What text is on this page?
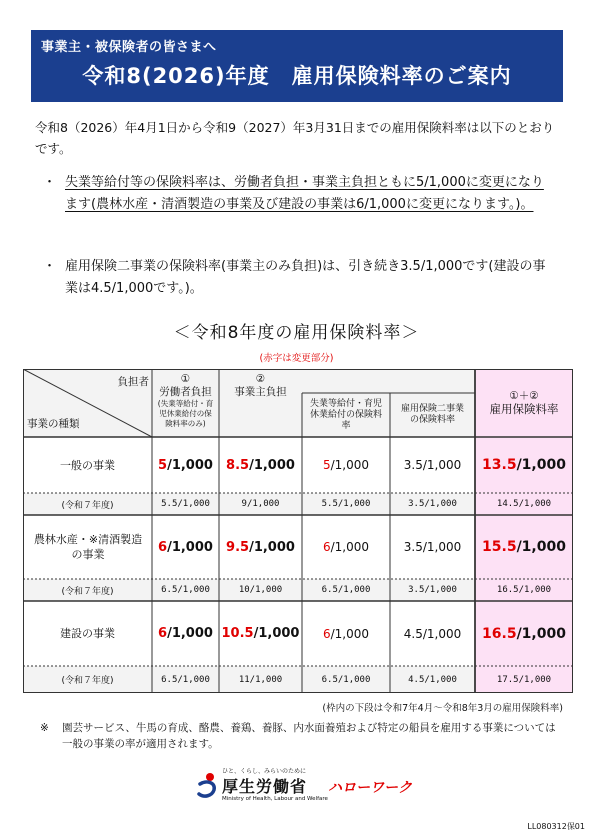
事業主・被保険者の皆さまへ
令和8(2026)年度　雇用保険料率のご案内
令和8（2026）年4月1日から令和9（2027）年3月31日までの雇用保険料率は以下のとおりです。
・ 失業等給付等の保険料率は、労働者負担・事業主負担ともに5/1,000に変更になります(農林水産・清酒製造の事業及び建設の事業は6/1,000に変更になります。)。
・ 雇用保険二事業の保険料率(事業主のみ負担)は、引き続き3.5/1,000です(建設の事業は4.5/1,000です。)。
＜令和8年度の雇用保険料率＞
(赤字は変更部分)
負担者
事業の種類
①
労働者負担
(失業等給付・育児休業給付の保険料率のみ)
②
事業主負担
失業等給付・育児休業給付の保険料率
雇用保険二事業の保険料率
①＋②
雇用保険料率
一般の事業	5 /1,000 8.5 /1,000 5 /1,000	3.5/1,000	13.5 /1,000
(令和７年度)	5.5/1,000	9/1,000	5.5/1,000	3.5/1,000	14.5/1,000
農林水産・※清酒製造の事業	6 /1,000 9.5 /1,000 6 /1,000	3.5/1,000	15.5 /1,000
(令和７年度)	6.5/1,000	10/1,000	6.5/1,000	3.5/1,000	16.5/1,000
建設の事業	6 /1,000 10.5 /1,000 6 /1,000	4.5/1,000	16.5 /1,000
(令和７年度)	6.5/1,000	11/1,000	6.5/1,000	4.5/1,000	17.5/1,000
(枠内の下段は令和7年4月～令和8年3月の雇用保険料率)
※ 園芸サービス、牛馬の育成、酪農、養鶏、養豚、内水面養殖および特定の船員を雇用する事業については一般の事業の率が適用されます。
ひと、くらし、みらいのために
厚生労働省
Ministry of Health, Labour and Welfare
ハローワーク
LL080312保01
